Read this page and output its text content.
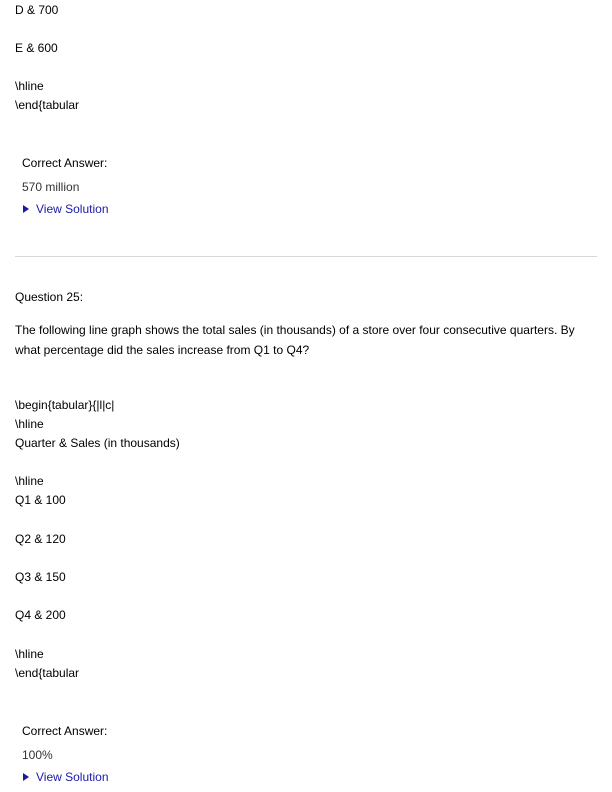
D & 700
E & 600
\hline
\end{tabular
Correct Answer:
570 million
View Solution
Question 25:
The following line graph shows the total sales (in thousands) of a store over four consecutive quarters. By what percentage did the sales increase from Q1 to Q4?
\begin{tabular}{|l|c|
\hline
Quarter & Sales (in thousands)
\hline
Q1 & 100
Q2 & 120
Q3 & 150
Q4 & 200
\hline
\end{tabular
Correct Answer:
100%
View Solution
